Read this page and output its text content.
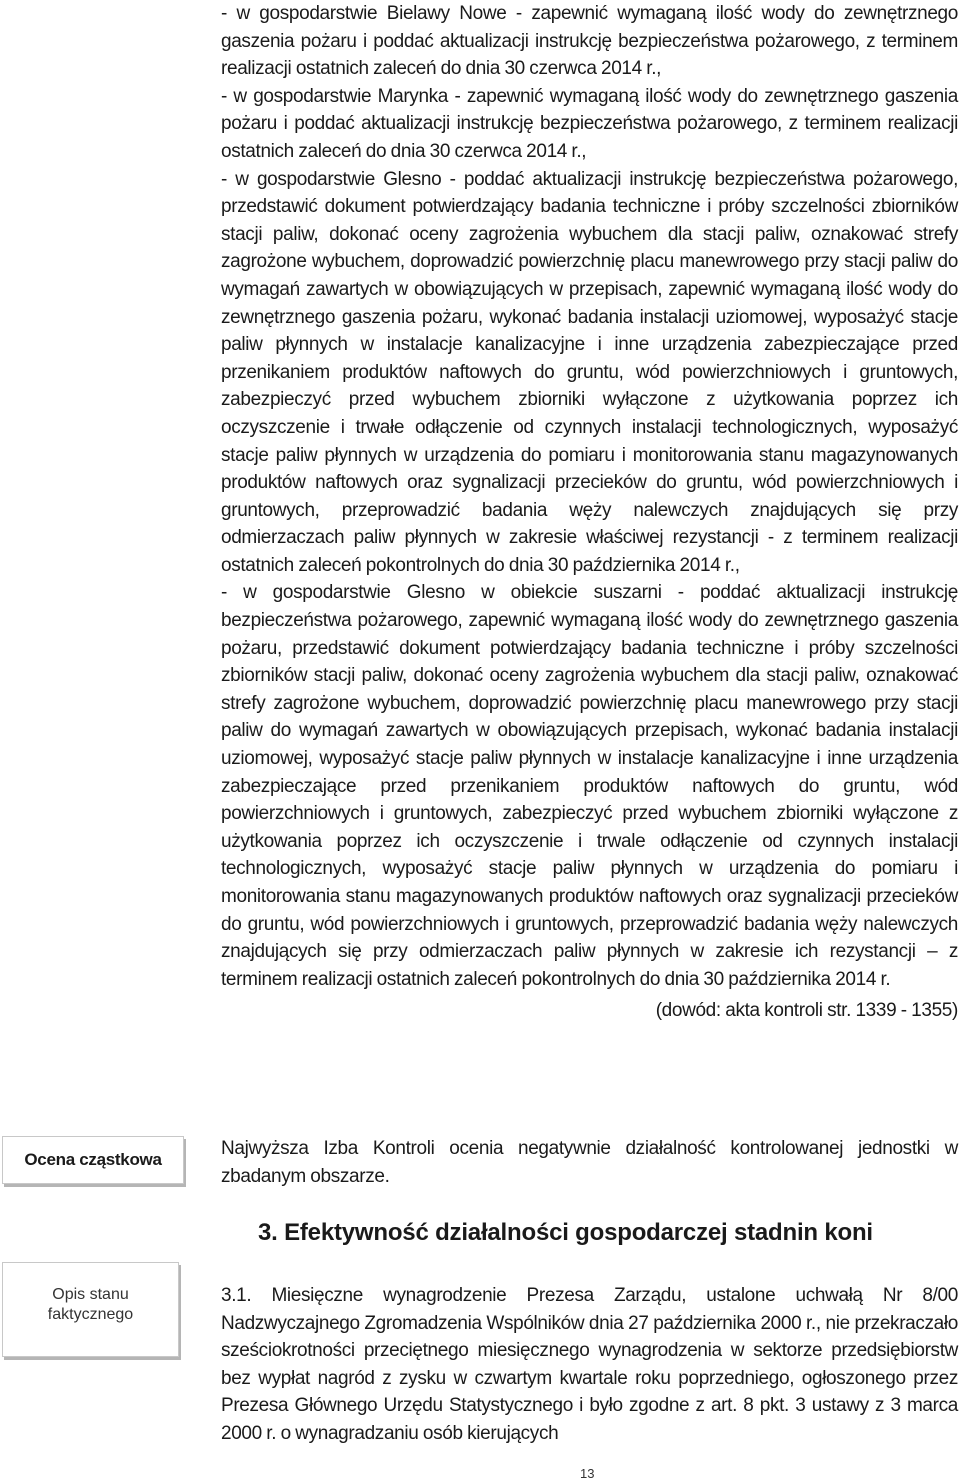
- w gospodarstwie Bielawy Nowe - zapewnić wymaganą ilość wody do zewnętrznego gaszenia pożaru i poddać aktualizacji instrukcję bezpieczeństwa pożarowego, z terminem realizacji ostatnich zaleceń do dnia 30 czerwca 2014 r.,

- w gospodarstwie Marynka - zapewnić wymaganą ilość wody do zewnętrznego gaszenia pożaru i poddać aktualizacji instrukcję bezpieczeństwa pożarowego, z terminem realizacji ostatnich zaleceń do dnia 30 czerwca 2014 r.,

- w gospodarstwie Glesno - poddać aktualizacji instrukcję bezpieczeństwa pożarowego, przedstawić dokument potwierdzający badania techniczne i próby szczelności zbiorników stacji paliw, dokonać oceny zagrożenia wybuchem dla stacji paliw, oznakować strefy zagrożone wybuchem, doprowadzić powierzchnię placu manewrowego przy stacji paliw do wymagań zawartych w obowiązujących w przepisach, zapewnić wymaganą ilość wody do zewnętrznego gaszenia pożaru, wykonać badania instalacji uziomowej, wyposażyć stacje paliw płynnych w instalacje kanalizacyjne i inne urządzenia zabezpieczające przed przenikaniem produktów naftowych do gruntu, wód powierzchniowych i gruntowych, zabezpieczyć przed wybuchem zbiorniki wyłączone z użytkowania poprzez ich oczyszczenie i trwałe odłączenie od czynnych instalacji technologicznych, wyposażyć stacje paliw płynnych w urządzenia do pomiaru i monitorowania stanu magazynowanych produktów naftowych oraz sygnalizacji przecieków do gruntu, wód powierzchniowych i gruntowych, przeprowadzić badania węży nalewczych znajdujących się przy odmierzaczach paliw płynnych w zakresie właściwej rezystancji - z terminem realizacji ostatnich zaleceń pokontrolnych do dnia 30 października 2014 r.,

- w gospodarstwie Glesno w obiekcie suszarni - poddać aktualizacji instrukcję bezpieczeństwa pożarowego, zapewnić wymaganą ilość wody do zewnętrznego gaszenia pożaru, przedstawić dokument potwierdzający badania techniczne i próby szczelności zbiorników stacji paliw, dokonać oceny zagrożenia wybuchem dla stacji paliw, oznakować strefy zagrożone wybuchem, doprowadzić powierzchnię placu manewrowego przy stacji paliw do wymagań zawartych w obowiązujących przepisach, wykonać badania instalacji uziomowej, wyposażyć stacje paliw płynnych w instalacje kanalizacyjne i inne urządzenia zabezpieczające przed przenikaniem produktów naftowych do gruntu, wód powierzchniowych i gruntowych, zabezpieczyć przed wybuchem zbiorniki wyłączone z użytkowania poprzez ich oczyszczenie i trwale odłączenie od czynnych instalacji technologicznych, wyposażyć stacje paliw płynnych w urządzenia do pomiaru i monitorowania stanu magazynowanych produktów naftowych oraz sygnalizacji przecieków do gruntu, wód powierzchniowych i gruntowych, przeprowadzić badania węży nalewczych znajdujących się przy odmierzaczach paliw płynnych w zakresie ich rezystancji – z terminem realizacji ostatnich zaleceń pokontrolnych do dnia 30 października 2014 r.

(dowód: akta kontroli str. 1339 - 1355)

Ocena cząstkowa

Najwyższa Izba Kontroli ocenia negatywnie działalność kontrolowanej jednostki w zbadanym obszarze.

3. Efektywność działalności gospodarczej stadnin koni
Opis stanu faktycznego

3.1. Miesięczne wynagrodzenie Prezesa Zarządu, ustalone uchwałą Nr 8/00 Nadzwyczajnego Zgromadzenia Wspólników dnia 27 października 2000 r., nie przekraczało sześciokrotności przeciętnego miesięcznego wynagrodzenia w sektorze przedsiębiorstw bez wypłat nagród z zysku w czwartym kwartale roku poprzedniego, ogłoszonego przez Prezesa Głównego Urzędu Statystycznego i było zgodne z art. 8 pkt. 3 ustawy z 3 marca 2000 r. o wynagradzaniu osób kierujących

13
